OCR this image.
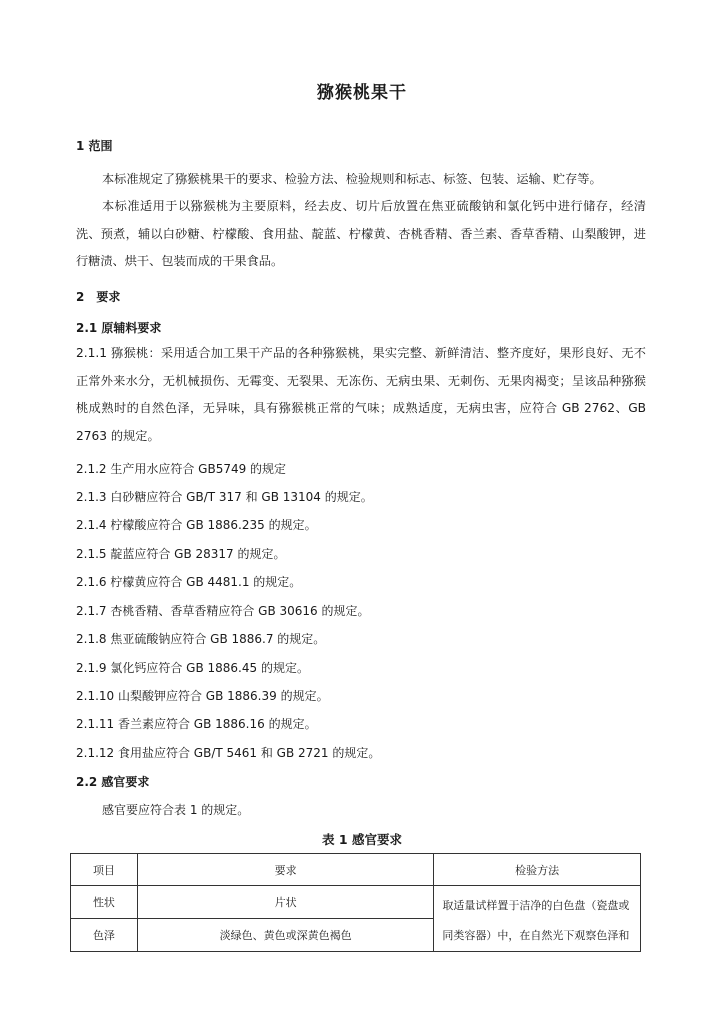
猕猴桃果干
1 范围
本标准规定了猕猴桃果干的要求、检验方法、检验规则和标志、标签、包装、运输、贮存等。
本标准适用于以猕猴桃为主要原料，经去皮、切片后放置在焦亚硫酸钠和氯化钙中进行储存，经清洗、预煮，辅以白砂糖、柠檬酸、食用盐、靛蓝、柠檬黄、杏桃香精、香兰素、香草香精、山梨酸钾，进行糖渍、烘干、包装而成的干果食品。
2　要求
2.1 原辅料要求
2.1.1 猕猴桃：采用适合加工果干产品的各种猕猴桃，果实完整、新鲜清洁、整齐度好，果形良好、无不正常外来水分，无机械损伤、无霉变、无裂果、无冻伤、无病虫果、无刺伤、无果肉褐变；呈该品种猕猴桃成熟时的自然色泽，无异味，具有猕猴桃正常的气味；成熟适度，无病虫害，应符合 GB 2762、GB 2763 的规定。
2.1.2 生产用水应符合 GB5749 的规定
2.1.3 白砂糖应符合 GB/T 317 和 GB 13104 的规定。
2.1.4 柠檬酸应符合 GB 1886.235 的规定。
2.1.5 靛蓝应符合 GB 28317 的规定。
2.1.6 柠檬黄应符合 GB 4481.1 的规定。
2.1.7 杏桃香精、香草香精应符合 GB 30616 的规定。
2.1.8 焦亚硫酸钠应符合 GB 1886.7 的规定。
2.1.9 氯化钙应符合 GB 1886.45 的规定。
2.1.10 山梨酸钾应符合 GB 1886.39 的规定。
2.1.11 香兰素应符合 GB 1886.16 的规定。
2.1.12 食用盐应符合 GB/T 5461 和 GB 2721 的规定。
2.2 感官要求
感官要应符合表 1 的规定。
表 1 感官要求
项目	要求	检验方法
性状	片状	取适量试样置于洁净的白色盘（瓷盘或同类容器）中，在自然光下观察色泽和
色泽	淡绿色、黄色或深黄色褐色	
